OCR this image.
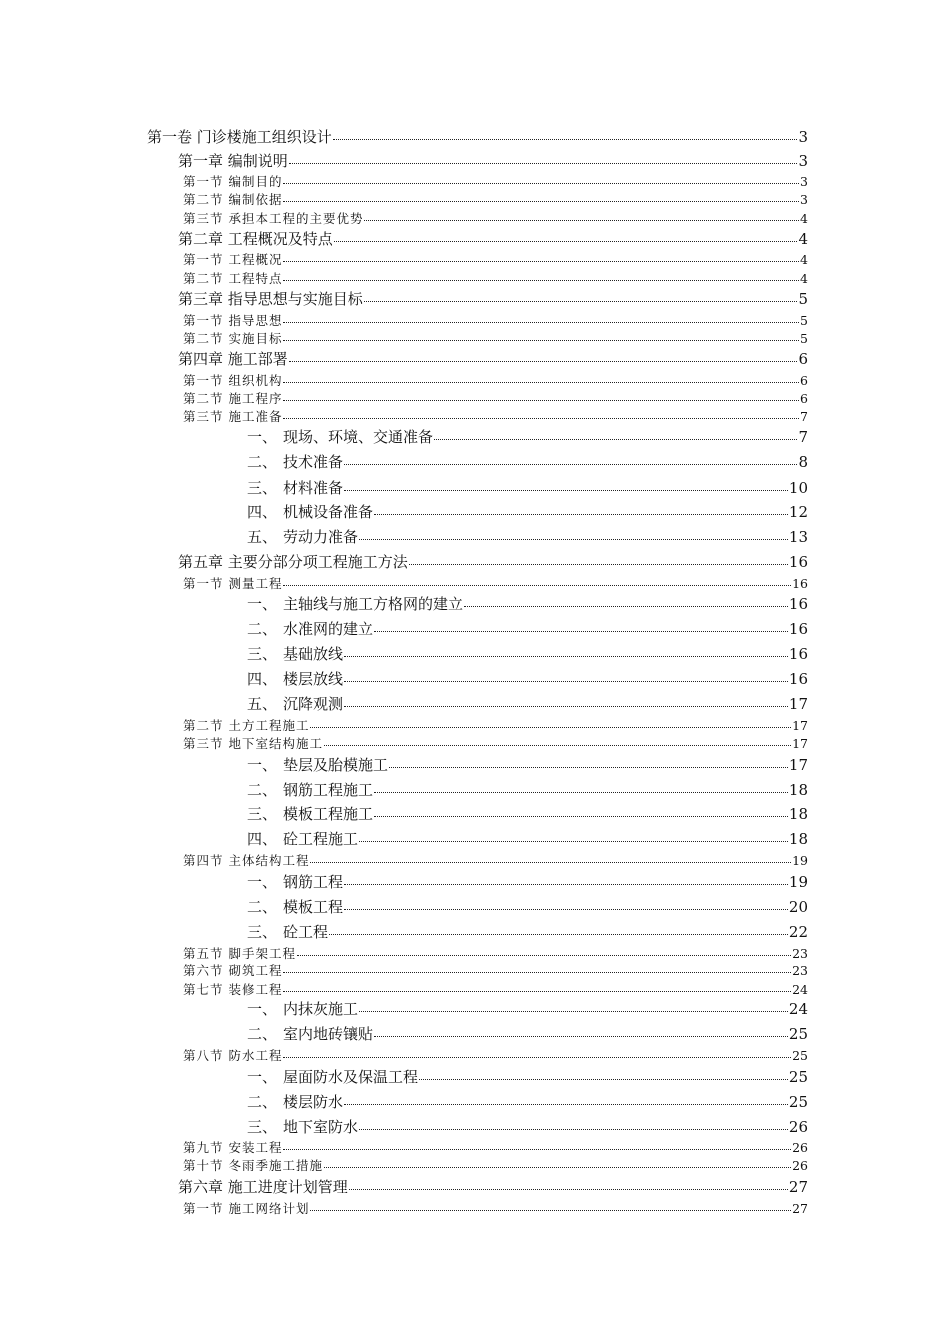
第一卷 门诊楼施工组织设计	3
第一章 编制说明	3
第一节 编制目的	3
第二节 编制依据	3
第三节 承担本工程的主要优势	4
第二章 工程概况及特点	4
第一节 工程概况	4
第二节 工程特点	4
第三章 指导思想与实施目标	5
第一节 指导思想	5
第二节 实施目标	5
第四章 施工部署	6
第一节 组织机构	6
第二节 施工程序	6
第三节 施工准备	7
一、 现场、环境、交通准备	7
二、 技术准备	8
三、 材料准备	10
四、 机械设备准备	12
五、 劳动力准备	13
第五章 主要分部分项工程施工方法	16
第一节 测量工程	16
一、 主轴线与施工方格网的建立	16
二、 水准网的建立	16
三、 基础放线	16
四、 楼层放线	16
五、 沉降观测	17
第二节 土方工程施工	17
第三节 地下室结构施工	17
一、 垫层及胎模施工	17
二、 钢筋工程施工	18
三、 模板工程施工	18
四、 砼工程施工	18
第四节 主体结构工程	19
一、 钢筋工程	19
二、 模板工程	20
三、 砼工程	22
第五节 脚手架工程	23
第六节 砌筑工程	23
第七节 装修工程	24
一、 内抹灰施工	24
二、 室内地砖镶贴	25
第八节 防水工程	25
一、 屋面防水及保温工程	25
二、 楼层防水	25
三、 地下室防水	26
第九节 安装工程	26
第十节 冬雨季施工措施	26
第六章 施工进度计划管理	27
第一节 施工网络计划	27
